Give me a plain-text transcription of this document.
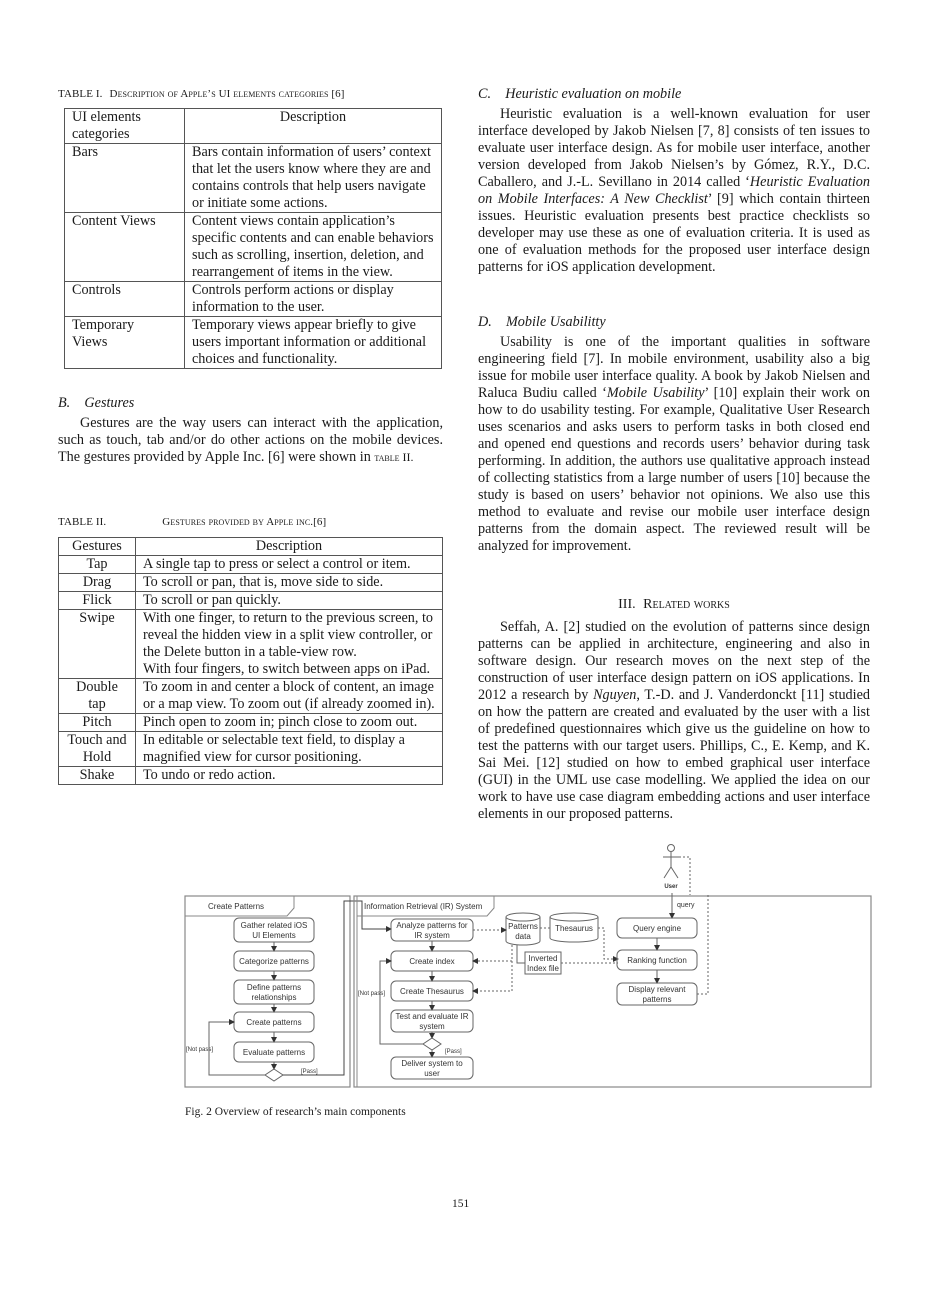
TABLE I. Description of Apple’s UI elements categories [6]
UI elements categories	Description
Bars	Bars contain information of users’ context that let the users know where they are and contains controls that help users navigate or initiate some actions.
Content Views	Content views contain application’s specific contents and can enable behaviors such as scrolling, insertion, deletion, and rearrangement of items in the view.
Controls	Controls perform actions or display information to the user.
Temporary Views	Temporary views appear briefly to give users important information or additional choices and functionality.

B.    Gestures

Gestures are the way users can interact with the application, such as touch, tab and/or do other actions on the mobile devices. The gestures provided by Apple Inc. [6] were shown in table II.

TABLE II.	Gestures provided by Apple inc.[6]
Gestures	Description
Tap	A single tap to press or select a control or item.
Drag	To scroll or pan, that is, move side to side.
Flick	To scroll or pan quickly.
Swipe	With one finger, to return to the previous screen, to reveal the hidden view in a split view controller, or the Delete button in a table-view row.
With four fingers, to switch between apps on iPad.

Double tap	To zoom in and center a block of content, an image or a map view. To zoom out (if already zoomed in).
Pitch	Pinch open to zoom in; pinch close to zoom out.
Touch and Hold	In editable or selectable text field, to display a magnified view for cursor positioning.
Shake	To undo or redo action.

C.    Heuristic evaluation on mobile

Heuristic evaluation is a well-known evaluation for user interface developed by Jakob Nielsen [7, 8] consists of ten issues to evaluate user interface design. As for mobile user interface, another version developed from Jakob Nielsen’s by Gómez, R.Y., D.C. Caballero, and J.-L. Sevillano in 2014 called ‘Heuristic Evaluation on Mobile Interfaces: A New Checklist’ [9] which contain thirteen issues. Heuristic evaluation presents best practice checklists so developer may use these as one of evaluation criteria. It is used as one of evaluation methods for the proposed user interface design patterns for iOS application development.

D.    Mobile Usabilitty

Usability is one of the important qualities in software engineering field [7]. In mobile environment, usability also a big issue for mobile user interface quality. A book by Jakob Nielsen and Raluca Budiu called ‘Mobile Usability’ [10] explain their work on how to do usability testing. For example, Qualitative User Research uses scenarios and asks users to perform tasks in both closed end and opened end questions and records users’ behavior during task performing. In addition, the authors use qualitative approach instead of collecting statistics from a large number of users [10] because the study is based on users’ behavior not opinions. We also use this method to evaluate and revise our mobile user interface design patterns from the domain aspect. The reviewed result will be analyzed for improvement.

III. Related works

Seffah, A. [2] studied on the evolution of patterns since design patterns can be applied in architecture, engineering and also in software design. Our research moves on the next step of the construction of user interface design pattern on iOS applications. In 2012 a research by Nguyen, T.-D. and J. Vanderdonckt [11] studied on how the pattern are created and evaluated by the user with a list of predefined questionnaires which give us the guideline on how to test the patterns with our target users. Phillips, C., E. Kemp, and K. Sai Mei. [12] studied on how to embed graphical user interface (GUI) in the UML use case modelling. We applied the idea on our work to have use case diagram embedding actions and user interface elements in our proposed patterns.

Create Patterns
Gather related iOS
UI Elements
Categorize patterns
Define patterns
relationships
Create patterns
Evaluate patterns
[Not pass]
[Pass]
Information Retrieval (IR) System
Analyze patterns for
IR system
Create index
Create Thesaurus
Test and evaluate IR
system
Deliver system to
user
[Not pass]
[Pass]
Patterns
data
Thesaurus
Inverted
Index file
query
Query engine
Ranking function
Display relevant
patterns
User
Fig. 2 Overview of research’s main components
151
